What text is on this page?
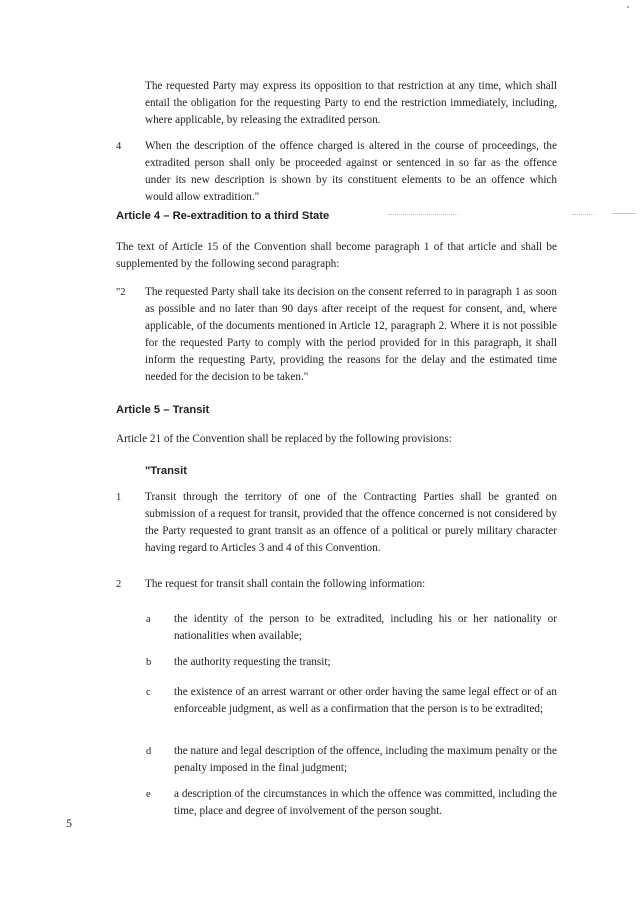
The requested Party may express its opposition to that restriction at any time, which shall entail the obligation for the requesting Party to end the restriction immediately, including, where applicable, by releasing the extradited person.

4 When the description of the offence charged is altered in the course of proceedings, the extradited person shall only be proceeded against or sentenced in so far as the offence under its new description is shown by its constituent elements to be an offence which would allow extradition."

Article 4 – Re-extradition to a third State

The text of Article 15 of the Convention shall become paragraph 1 of that article and shall be supplemented by the following second paragraph:

"2 The requested Party shall take its decision on the consent referred to in paragraph 1 as soon as possible and no later than 90 days after receipt of the request for consent, and, where applicable, of the documents mentioned in Article 12, paragraph 2. Where it is not possible for the requested Party to comply with the period provided for in this paragraph, it shall inform the requesting Party, providing the reasons for the delay and the estimated time needed for the decision to be taken."

Article 5 – Transit

Article 21 of the Convention shall be replaced by the following provisions:

"Transit
1 Transit through the territory of one of the Contracting Parties shall be granted on submission of a request for transit, provided that the offence concerned is not considered by the Party requested to grant transit as an offence of a political or purely military character having regard to Articles 3 and 4 of this Convention.

2 The request for transit shall contain the following information:

a the identity of the person to be extradited, including his or her nationality or nationalities when available;

b the authority requesting the transit;

c the existence of an arrest warrant or other order having the same legal effect or of an enforceable judgment, as well as a confirmation that the person is to be extradited;

d the nature and legal description of the offence, including the maximum penalty or the penalty imposed in the final judgment;

e a description of the circumstances in which the offence was committed, including the time, place and degree of involvement of the person sought.

5
